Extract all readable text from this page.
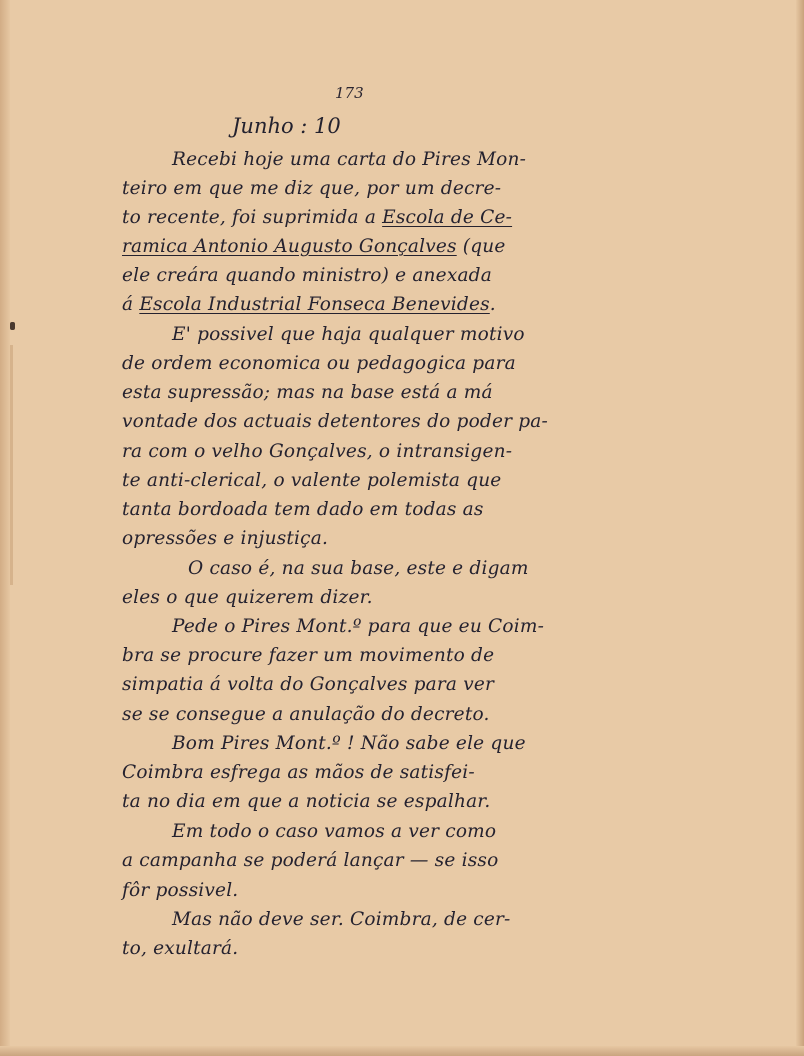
173
Junho : 10
Recebi hoje uma carta do Pires Mon-
teiro em que me diz que, por um decre-
to recente, foi suprimida a Escola de Ce-
ramica Antonio Augusto Gonçalves (que
ele creára quando ministro) e anexada
á Escola Industrial Fonseca Benevides.
E' possivel que haja qualquer motivo
de ordem economica ou pedagogica para
esta supressão; mas na base está a má
vontade dos actuais detentores do poder pa-
ra com o velho Gonçalves, o intransigen-
te anti-clerical, o valente polemista que
tanta bordoada tem dado em todas as
opressões e injustiça.
O caso é, na sua base, este e digam
eles o que quizerem dizer.
Pede o Pires Mont.º para que eu Coim-
bra se procure fazer um movimento de
simpatia á volta do Gonçalves para ver
se se consegue a anulação do decreto.
Bom Pires Mont.º ! Não sabe ele que
Coimbra esfrega as mãos de satisfei-
ta no dia em que a noticia se espalhar.
Em todo o caso vamos a ver como
a campanha se poderá lançar — se isso
fôr possivel.
Mas não deve ser. Coimbra, de cer-
to, exultará.
